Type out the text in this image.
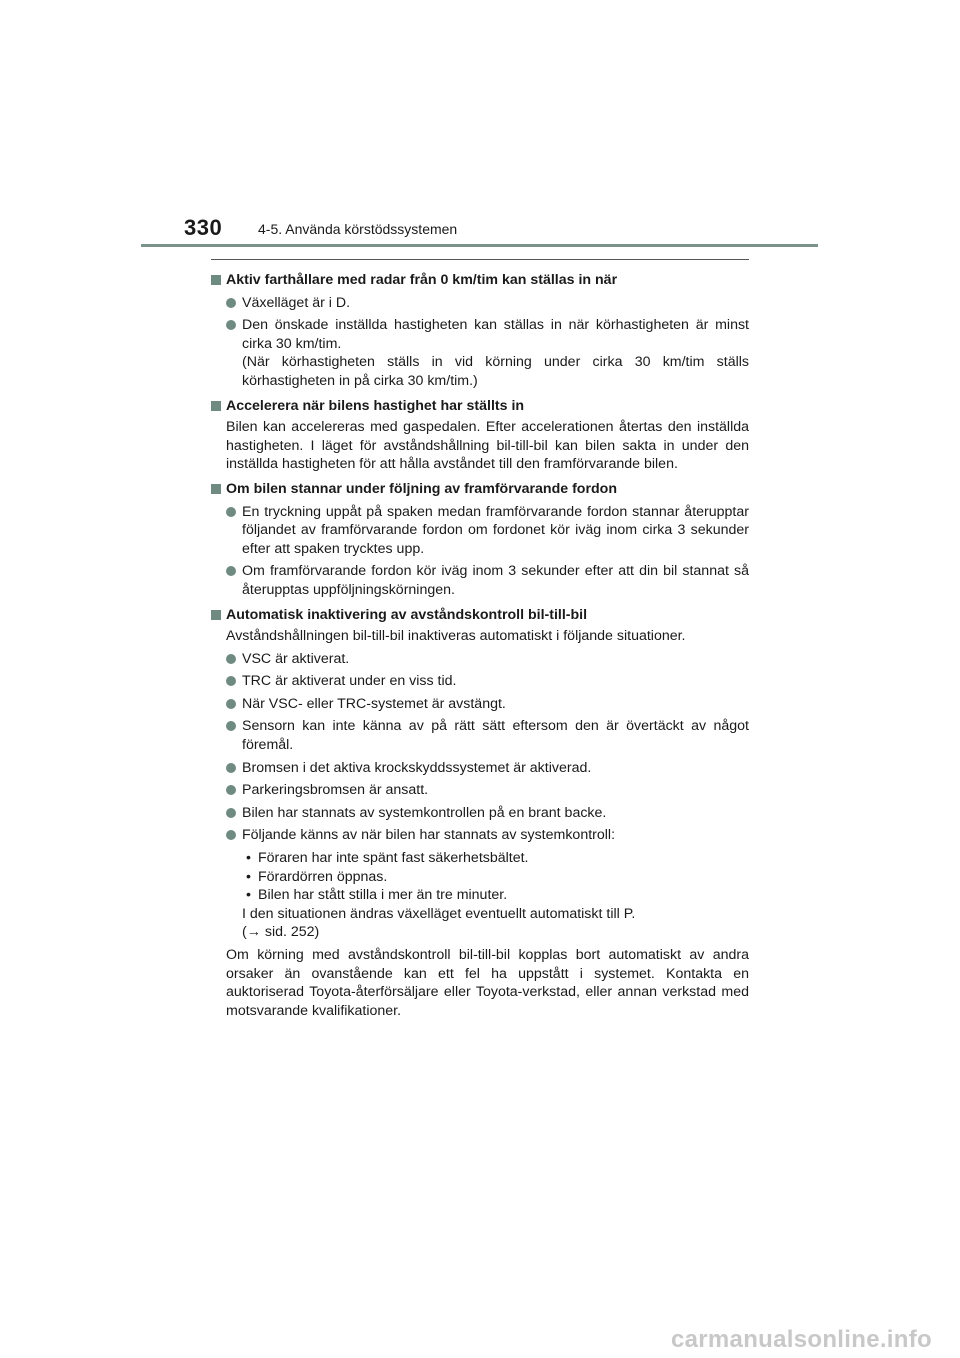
330	4-5. Använda körstödssystemen
Aktiv farthållare med radar från 0 km/tim kan ställas in när
Växelläget är i D.
Den önskade inställda hastigheten kan ställas in när körhastigheten är minst cirka 30 km/tim.
(När körhastigheten ställs in vid körning under cirka 30 km/tim ställs körhastigheten in på cirka 30 km/tim.)
Accelerera när bilens hastighet har ställts in
Bilen kan accelereras med gaspedalen. Efter accelerationen återtas den inställda hastigheten. I läget för avståndshållning bil-till-bil kan bilen sakta in under den inställda hastigheten för att hålla avståndet till den framförvarande bilen.
Om bilen stannar under följning av framförvarande fordon
En tryckning uppåt på spaken medan framförvarande fordon stannar återupptar följandet av framförvarande fordon om fordonet kör iväg inom cirka 3 sekunder efter att spaken trycktes upp.
Om framförvarande fordon kör iväg inom 3 sekunder efter att din bil stannat så återupptas uppföljningskörningen.
Automatisk inaktivering av avståndskontroll bil-till-bil
Avståndshållningen bil-till-bil inaktiveras automatiskt i följande situationer.
VSC är aktiverat.
TRC är aktiverat under en viss tid.
När VSC- eller TRC-systemet är avstängt.
Sensorn kan inte känna av på rätt sätt eftersom den är övertäckt av något föremål.
Bromsen i det aktiva krockskyddssystemet är aktiverad.
Parkeringsbromsen är ansatt.
Bilen har stannats av systemkontrollen på en brant backe.
Följande känns av när bilen har stannats av systemkontroll:
• Föraren har inte spänt fast säkerhetsbältet.
• Förardörren öppnas.
• Bilen har stått stilla i mer än tre minuter.
I den situationen ändras växelläget eventuellt automatiskt till P.
(→ sid. 252)
Om körning med avståndskontroll bil-till-bil kopplas bort automatiskt av andra orsaker än ovanstående kan ett fel ha uppstått i systemet. Kontakta en auktoriserad Toyota-återförsäljare eller Toyota-verkstad, eller annan verkstad med motsvarande kvalifikationer.
carmanualsonline.info
